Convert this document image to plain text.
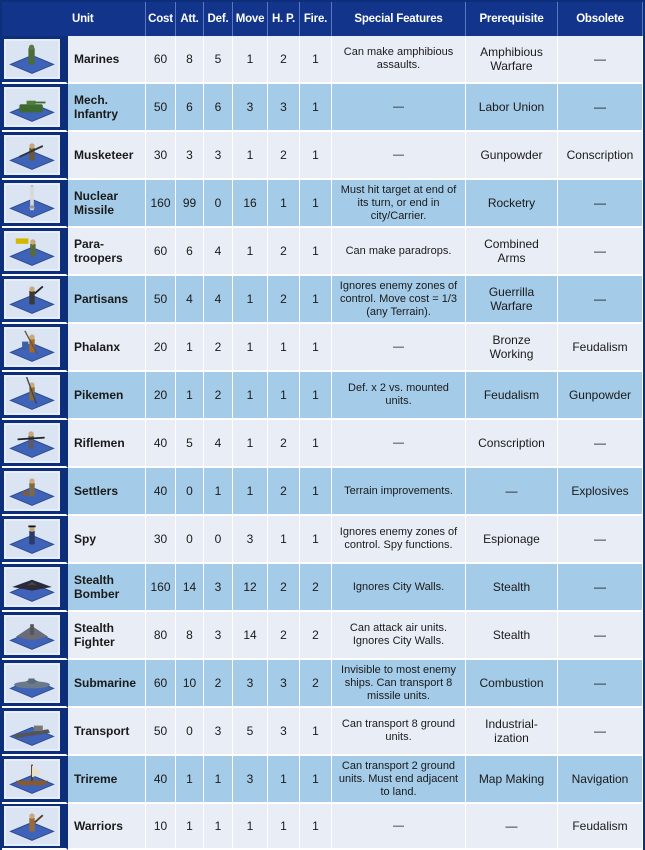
Unit		Cost	Att.	Def.	Move	H. P.	Fire.	Special Features	Prerequisite	Obsolete

	Marines	60	8	5	1	2	1	Can make amphibious assaults.	Amphibious Warfare	—

	Mech. Infantry	50	6	6	3	3	1	—	Labor Union	—

	Musketeer	30	3	3	1	2	1	—	Gunpowder	Conscription

	Nuclear Missile	160	99	0	16	1	1	Must hit target at end of its turn, or end in city/Carrier.	Rocketry	—

	Para-troopers	60	6	4	1	2	1	Can make paradrops.	Combined Arms	—

	Partisans	50	4	4	1	2	1	Ignores enemy zones of control. Move cost = 1/3 (any Terrain).	Guerrilla Warfare	—

	Phalanx	20	1	2	1	1	1	—	Bronze Working	Feudalism

	Pikemen	20	1	2	1	1	1	Def. x 2 vs. mounted units.	Feudalism	Gunpowder

	Riflemen	40	5	4	1	2	1	—	Conscription	—

	Settlers	40	0	1	1	2	1	Terrain improvements.	—	Explosives

	Spy	30	0	0	3	1	1	Ignores enemy zones of control. Spy functions.	Espionage	—

	Stealth Bomber	160	14	3	12	2	2	Ignores City Walls.	Stealth	—

	Stealth Fighter	80	8	3	14	2	2	Can attack air units. Ignores City Walls.	Stealth	—

	Submarine	60	10	2	3	3	2	Invisible to most enemy ships. Can transport 8 missile units.	Combustion	—

	Transport	50	0	3	5	3	1	Can transport 8 ground units.	Industrial-ization	—

	Trireme	40	1	1	3	1	1	Can transport 2 ground units. Must end adjacent to land.	Map Making	Navigation

	Warriors	10	1	1	1	1	1	—	—	Feudalism
